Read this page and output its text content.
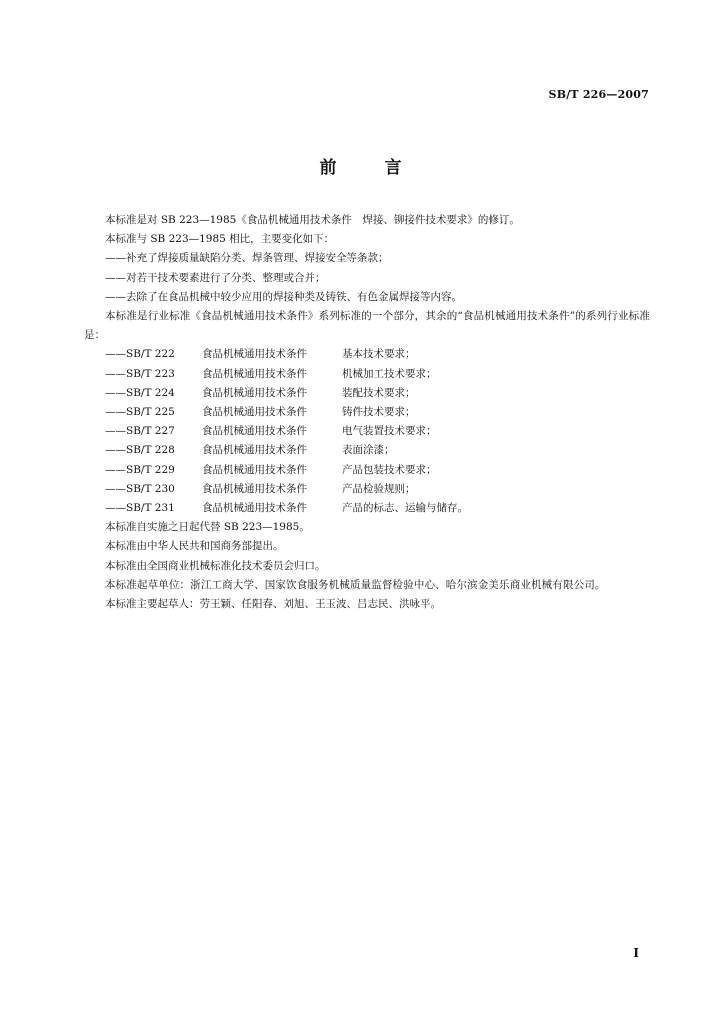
SB/T 226—2007
前	言

本标准是对 SB 223—1985《食品机械通用技术条件　焊接、铆接件技术要求》的修订。

本标准与 SB 223—1985 相比，主要变化如下：

——补充了焊接质量缺陷分类、焊条管理、焊接安全等条款；

——对若干技术要素进行了分类、整理或合并；

——去除了在食品机械中较少应用的焊接种类及铸铁、有色金属焊接等内容。

本标准是行业标准《食品机械通用技术条件》系列标准的一个部分，其余的“食品机械通用技术条件”的系列行业标准是：

——SB/T 222	食品机械通用技术条件	基本技术要求；
——SB/T 223	食品机械通用技术条件	机械加工技术要求；
——SB/T 224	食品机械通用技术条件	装配技术要求；
——SB/T 225	食品机械通用技术条件	铸件技术要求；
——SB/T 227	食品机械通用技术条件	电气装置技术要求；
——SB/T 228	食品机械通用技术条件	表面涂漆；
——SB/T 229	食品机械通用技术条件	产品包装技术要求；
——SB/T 230	食品机械通用技术条件	产品检验规则；
——SB/T 231	食品机械通用技术条件	产品的标志、运输与储存。

本标准自实施之日起代替 SB 223—1985。

本标准由中华人民共和国商务部提出。

本标准由全国商业机械标准化技术委员会归口。

本标准起草单位：浙江工商大学、国家饮食服务机械质量监督检验中心、哈尔滨金美乐商业机械有限公司。

本标准主要起草人：劳王颖、任阳春、刘旭、王玉波、吕志民、洪咏平。

I
